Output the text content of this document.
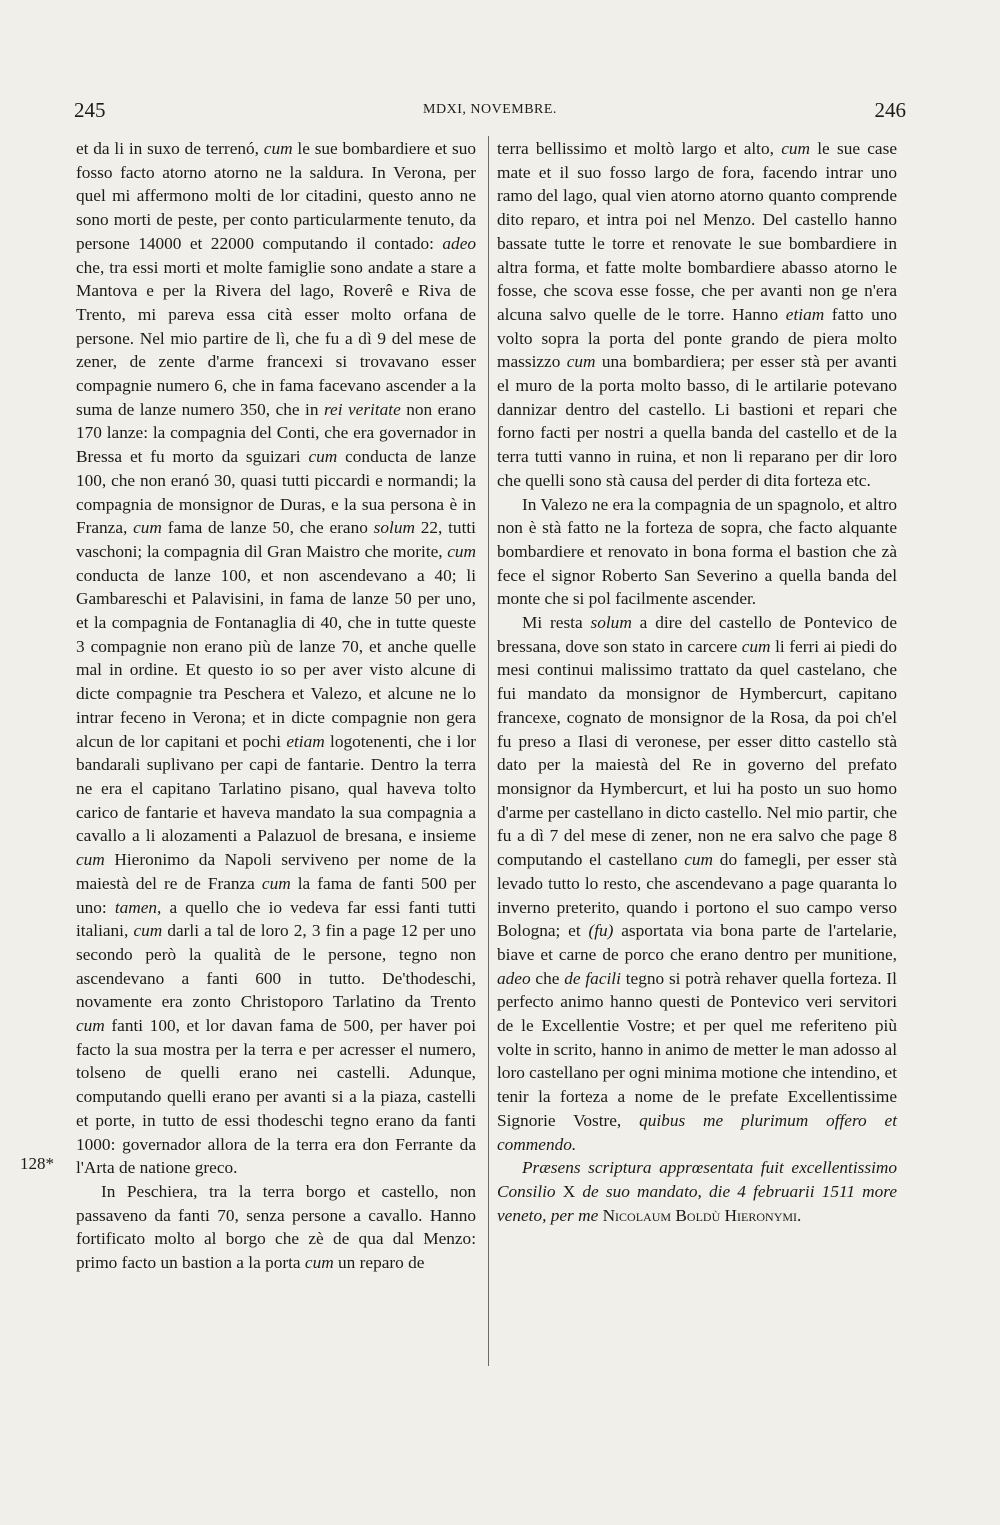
245	MDXI, NOVEMBRE.	246
128*

et da li in suxo de terrenó, cum le sue bombardiere et suo fosso facto atorno atorno ne la saldura. In Verona, per quel mi affermono molti de lor citadini, questo anno ne sono morti de peste, per conto particularmente tenuto, da persone 14000 et 22000 computando il contado: adeo che, tra essi morti et molte famiglie sono andate a stare a Mantova e per la Rivera del lago, Roverê e Riva de Trento, mi pareva essa cità esser molto orfana de persone. Nel mio partire de lì, che fu a dì 9 del mese de zener, de zente d'arme francexi si trovavano esser compagnie numero 6, che in fama facevano ascender a la suma de lanze numero 350, che in rei veritate non erano 170 lanze: la compagnia del Conti, che era governador in Bressa et fu morto da sguizari cum conducta de lanze 100, che non eranó 30, quasi tutti piccardi e normandi; la compagnia de monsignor de Duras, e la sua persona è in Franza, cum fama de lanze 50, che erano solum 22, tutti vaschoni; la compagnia dil Gran Maistro che morite, cum conducta de lanze 100, et non ascendevano a 40; li Gambareschi et Palavisini, in fama de lanze 50 per uno, et la compagnia de Fontanaglia di 40, che in tutte queste 3 compagnie non erano più de lanze 70, et anche quelle mal in ordine. Et questo io so per aver visto alcune di dicte compagnie tra Peschera et Valezo, et alcune ne lo intrar feceno in Verona; et in dicte compagnie non gera alcun de lor capitani et pochi etiam logotenenti, che i lor bandarali suplivano per capi de fantarie. Dentro la terra ne era el capitano Tarlatino pisano, qual haveva tolto carico de fantarie et haveva mandato la sua compagnia a cavallo a li alozamenti a Palazuol de bresana, e insieme cum Hieronimo da Napoli serviveno per nome de la maiestà del re de Franza cum la fama de fanti 500 per uno: tamen, a quello che io vedeva far essi fanti tutti italiani, cum darli a tal de loro 2, 3 fin a page 12 per uno secondo però la qualità de le persone, tegno non ascendevano a fanti 600 in tutto. De'thodeschi, novamente era zonto Christoporo Tarlatino da Trento cum fanti 100, et lor davan fama de 500, per haver poi facto la sua mostra per la terra e per acresser el numero, tolseno de quelli erano nei castelli. Adunque, computando quelli erano per avanti si a la piaza, castelli et porte, in tutto de essi thodeschi tegno erano da fanti 1000: governador allora de la terra era don Ferrante da l'Arta de natione greco.

In Peschiera, tra la terra borgo et castello, non passaveno da fanti 70, senza persone a cavallo. Hanno fortificato molto al borgo che zè de qua dal Menzo: primo facto un bastion a la porta cum un reparo de

terra bellissimo et moltò largo et alto, cum le sue case mate et il suo fosso largo de fora, facendo intrar uno ramo del lago, qual vien atorno atorno quanto comprende dito reparo, et intra poi nel Menzo. Del castello hanno bassate tutte le torre et renovate le sue bombardiere in altra forma, et fatte molte bombardiere abasso atorno le fosse, che scova esse fosse, che per avanti non ge n'era alcuna salvo quelle de le torre. Hanno etiam fatto uno volto sopra la porta del ponte grando de piera molto massizzo cum una bombardiera; per esser stà per avanti el muro de la porta molto basso, di le artilarie potevano dannizar dentro del castello. Li bastioni et repari che forno facti per nostri a quella banda del castello et de la terra tutti vanno in ruina, et non li reparano per dir loro che quelli sono stà causa del perder di dita forteza etc.

In Valezo ne era la compagnia de un spagnolo, et altro non è stà fatto ne la forteza de sopra, che facto alquante bombardiere et renovato in bona forma el bastion che zà fece el signor Roberto San Severino a quella banda del monte che si pol facilmente ascender.

Mi resta solum a dire del castello de Pontevico de bressana, dove son stato in carcere cum li ferri ai piedi do mesi continui malissimo trattato da quel castelano, che fui mandato da monsignor de Hymbercurt, capitano francexe, cognato de monsignor de la Rosa, da poi ch'el fu preso a Ilasi di veronese, per esser ditto castello stà dato per la maiestà del Re in governo del prefato monsignor da Hymbercurt, et lui ha posto un suo homo d'arme per castellano in dicto castello. Nel mio partir, che fu a dì 7 del mese di zener, non ne era salvo che page 8 computando el castellano cum do famegli, per esser stà levado tutto lo resto, che ascendevano a page quaranta lo inverno preterito, quando i portono el suo campo verso Bologna; et (fu) asportata via bona parte de l'artelarie, biave et carne de porco che erano dentro per munitione, adeo che de facili tegno si potrà rehaver quella forteza. Il perfecto animo hanno questi de Pontevico veri servitori de le Excellentie Vostre; et per quel me referiteno più volte in scrito, hanno in animo de metter le man adosso al loro castellano per ogni minima motione che intendino, et tenir la forteza a nome de le prefate Excellentissime Signorie Vostre, quibus me plurimum offero et commendo.

Præsens scriptura apprœsentata fuit excellentissimo Consilio X de suo mandato, die 4 februarii 1511 more veneto, per me Nicolaum Boldù Hieronymi.
